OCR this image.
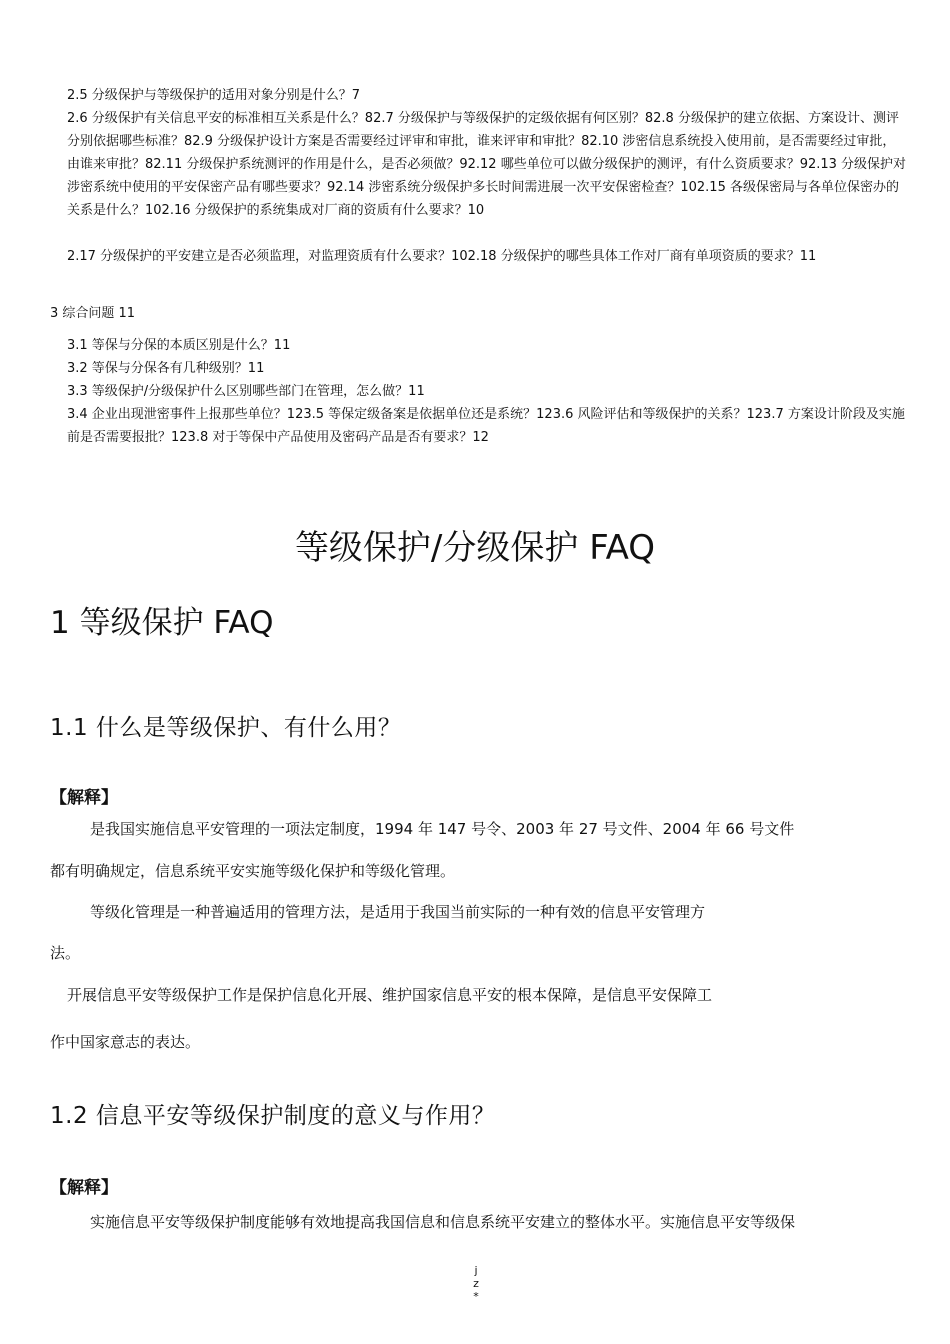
2.5 分级保护与等级保护的适用对象分别是什么？7
2.6 分级保护有关信息平安的标准相互关系是什么？82.7 分级保护与等级保护的定级依据有何区别？82.8 分级保护的建立依据、方案设计、测评分别依据哪些标准？82.9 分级保护设计方案是否需要经过评审和审批，谁来评审和审批？82.10 涉密信息系统投入使用前，是否需要经过审批，由谁来审批？82.11 分级保护系统测评的作用是什么，是否必须做？92.12 哪些单位可以做分级保护的测评，有什么资质要求？92.13 分级保护对涉密系统中使用的平安保密产品有哪些要求？92.14 涉密系统分级保护多长时间需进展一次平安保密检查？102.15 各级保密局与各单位保密办的关系是什么？102.16 分级保护的系统集成对厂商的资质有什么要求？10
2.17 分级保护的平安建立是否必须监理，对监理资质有什么要求？102.18 分级保护的哪些具体工作对厂商有单项资质的要求？11
3 综合问题 11
3.1 等保与分保的本质区别是什么？11
3.2 等保与分保各有几种级别？11
3.3 等级保护/分级保护什么区别哪些部门在管理，怎么做？11
3.4 企业出现泄密事件上报那些单位？123.5 等保定级备案是依据单位还是系统？123.6 风险评估和等级保护的关系？123.7 方案设计阶段及实施前是否需要报批？123.8 对于等保中产品使用及密码产品是否有要求？12
等级保护/分级保护 FAQ
1 等级保护 FAQ
1.1 什么是等级保护、有什么用？
【解释】
是我国实施信息平安管理的一项法定制度，1994 年 147 号令、2003 年 27 号文件、2004 年 66 号文件
都有明确规定，信息系统平安实施等级化保护和等级化管理。
等级化管理是一种普遍适用的管理方法，是适用于我国当前实际的一种有效的信息平安管理方
法。
开展信息平安等级保护工作是保护信息化开展、维护国家信息平安的根本保障，是信息平安保障工
作中国家意志的表达。
1.2 信息平安等级保护制度的意义与作用？
【解释】
实施信息平安等级保护制度能够有效地提高我国信息和信息系统平安建立的整体水平。实施信息平安等级保
j
z
*
